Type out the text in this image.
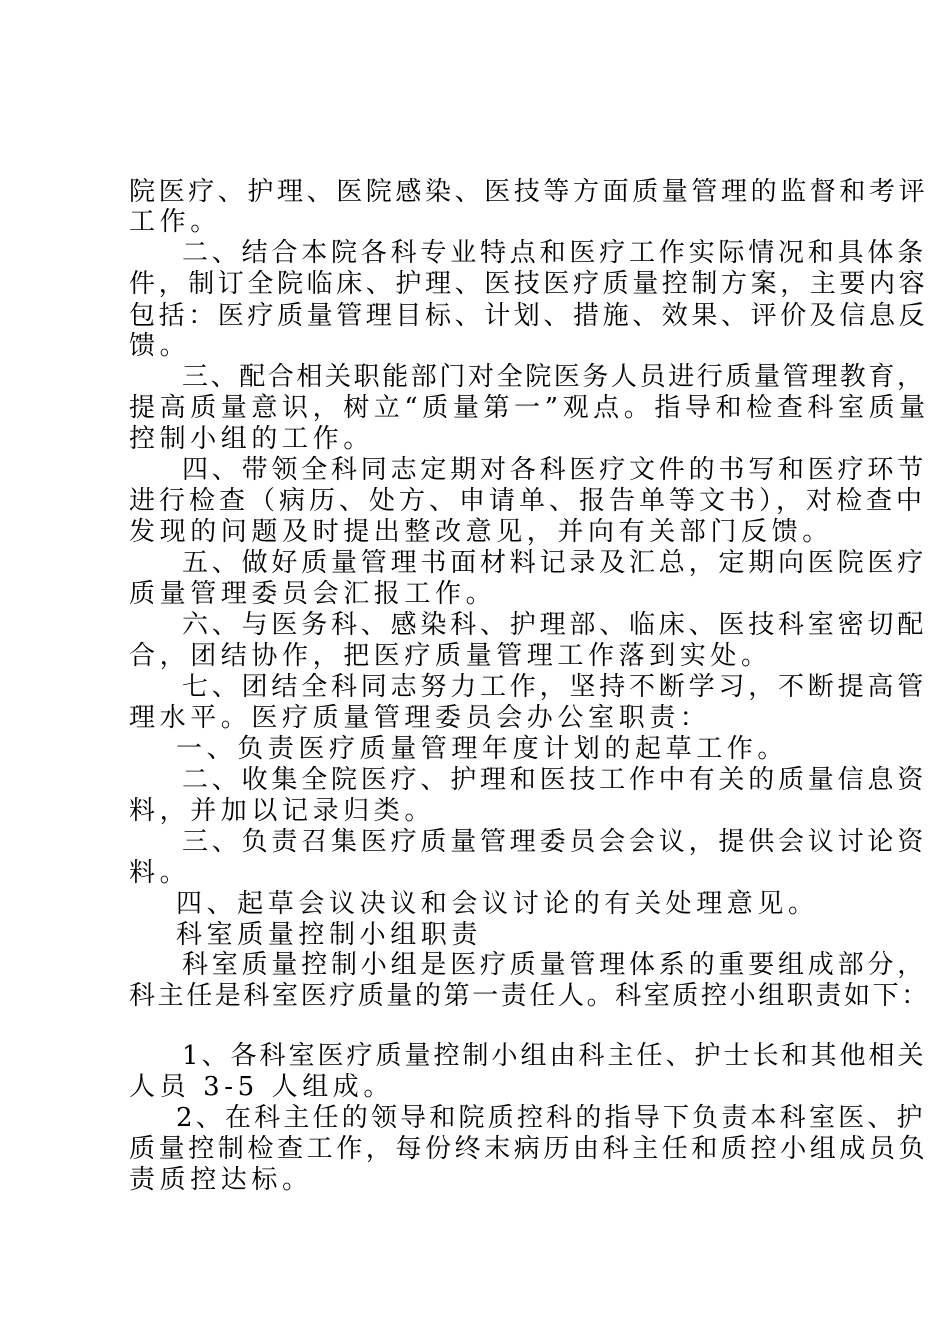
院医疗、护理、医院感染、医技等方面质量管理的监督和考评
工作。
二、结合本院各科专业特点和医疗工作实际情况和具体条
件，制订全院临床、护理、医技医疗质量控制方案，主要内容
包括：医疗质量管理目标、计划、措施、效果、评价及信息反
馈。
三、配合相关职能部门对全院医务人员进行质量管理教育，
提高质量意识，树立“质量第一”观点。指导和检查科室质量
控制小组的工作。
四、带领全科同志定期对各科医疗文件的书写和医疗环节
进行检查（病历、处方、申请单、报告单等文书），对检查中
发现的问题及时提出整改意见，并向有关部门反馈。
五、做好质量管理书面材料记录及汇总，定期向医院医疗
质量管理委员会汇报工作。
六、与医务科、感染科、护理部、临床、医技科室密切配
合，团结协作，把医疗质量管理工作落到实处。
七、团结全科同志努力工作，坚持不断学习，不断提高管
理水平。医疗质量管理委员会办公室职责：
一、负责医疗质量管理年度计划的起草工作。
二、收集全院医疗、护理和医技工作中有关的质量信息资
料，并加以记录归类。
三、负责召集医疗质量管理委员会会议，提供会议讨论资
料。
四、起草会议决议和会议讨论的有关处理意见。
科室质量控制小组职责
科室质量控制小组是医疗质量管理体系的重要组成部分，
科主任是科室医疗质量的第一责任人。科室质控小组职责如下：
1、各科室医疗质量控制小组由科主任、护士长和其他相关
人员 3-5 人组成。
2、在科主任的领导和院质控科的指导下负责本科室医、护
质量控制检查工作，每份终末病历由科主任和质控小组成员负
责质控达标。
